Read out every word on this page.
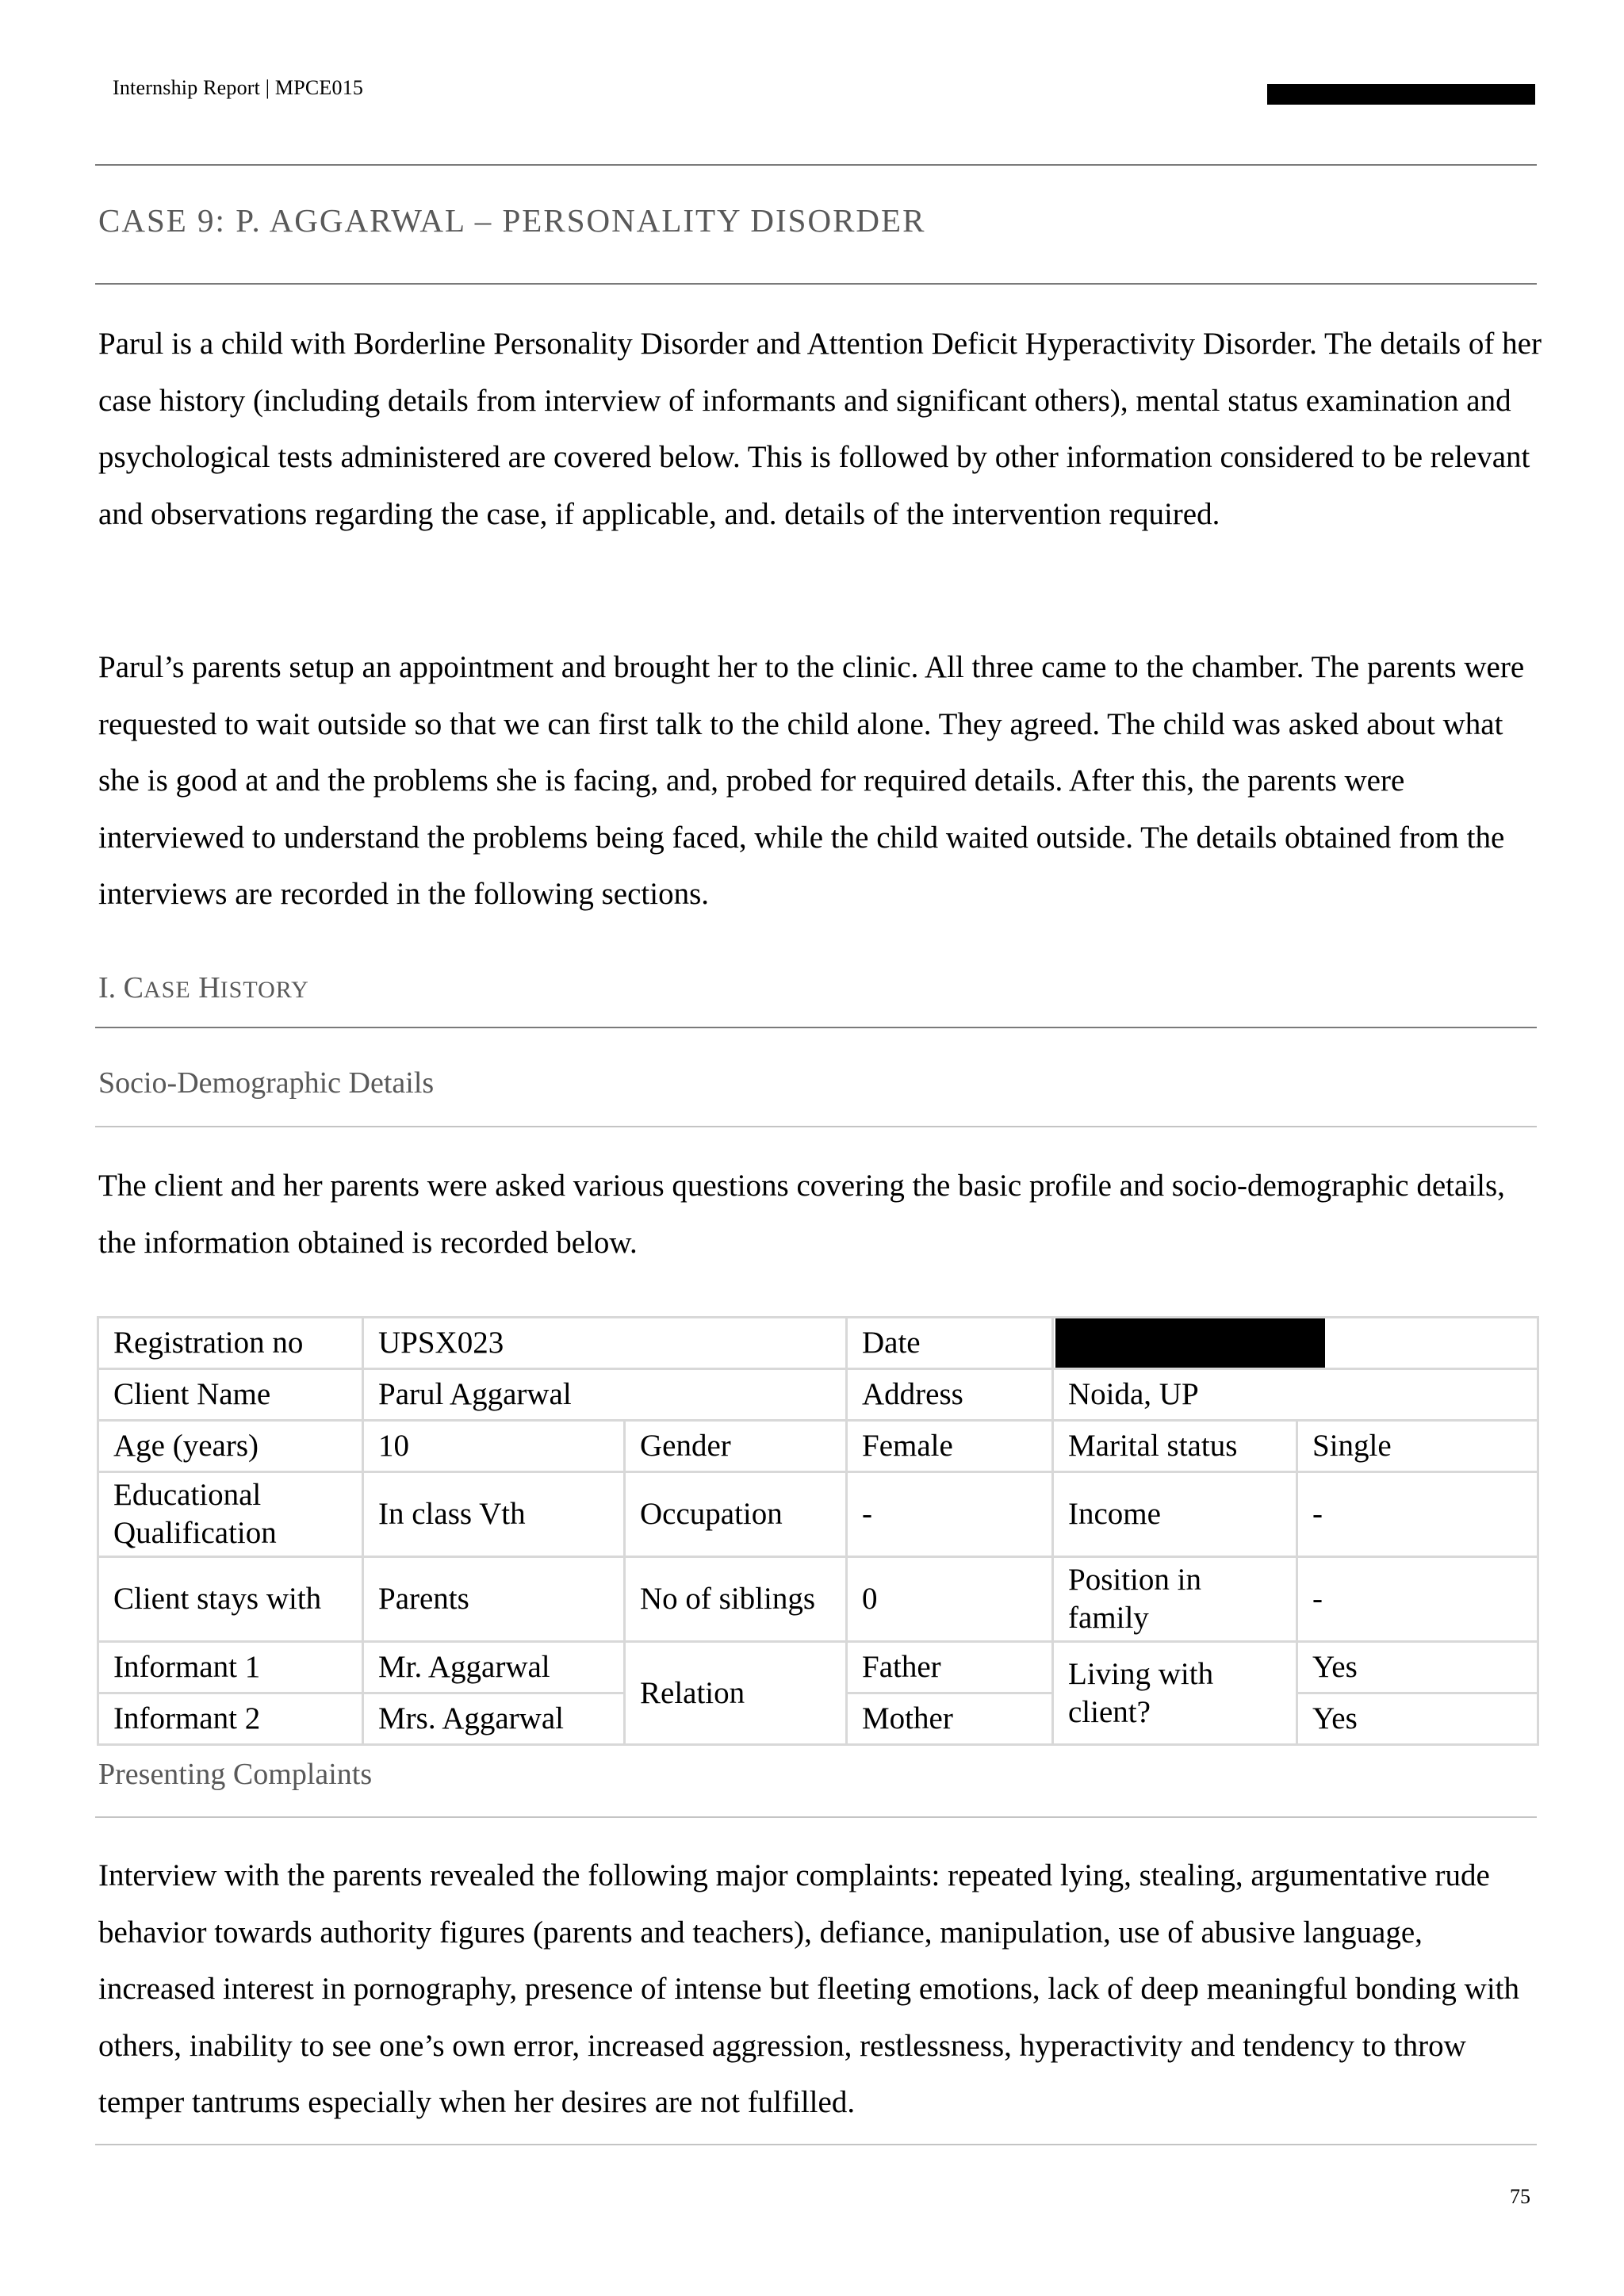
Internship Report | MPCE015
CASE 9: P. AGGARWAL – PERSONALITY DISORDER
Parul is a child with Borderline Personality Disorder and Attention Deficit Hyperactivity Disorder. The details of her case history (including details from interview of informants and significant others), mental status examination and psychological tests administered are covered below. This is followed by other information considered to be relevant and observations regarding the case, if applicable, and. details of the intervention required.
Parul’s parents setup an appointment and brought her to the clinic. All three came to the chamber. The parents were requested to wait outside so that we can first talk to the child alone. They agreed. The child was asked about what she is good at and the problems she is facing, and, probed for required details. After this, the parents were interviewed to understand the problems being faced, while the child waited outside. The details obtained from the interviews are recorded in the following sections.
I. CASE HISTORY
Socio-Demographic Details
The client and her parents were asked various questions covering the basic profile and socio-demographic details, the information obtained is recorded below.
Registration no	UPSX023		Date		

Client Name	Parul Aggarwal		Address	Noida, UP	
Age (years)	10	Gender	Female	Marital status	Single
Educational Qualification	In class Vth	Occupation	-	Income	-
Client stays with	Parents	No of siblings	0	Position in family	-
Informant 1	Mr. Aggarwal	Relation	Father	Living with client?	Yes
Informant 2	Mrs. Aggarwal		Mother		Yes
Presenting Complaints
Interview with the parents revealed the following major complaints: repeated lying, stealing, argumentative rude behavior towards authority figures (parents and teachers), defiance, manipulation, use of abusive language, increased interest in pornography, presence of intense but fleeting emotions, lack of deep meaningful bonding with others, inability to see one’s own error, increased aggression, restlessness, hyperactivity and tendency to throw temper tantrums especially when her desires are not fulfilled.
75
